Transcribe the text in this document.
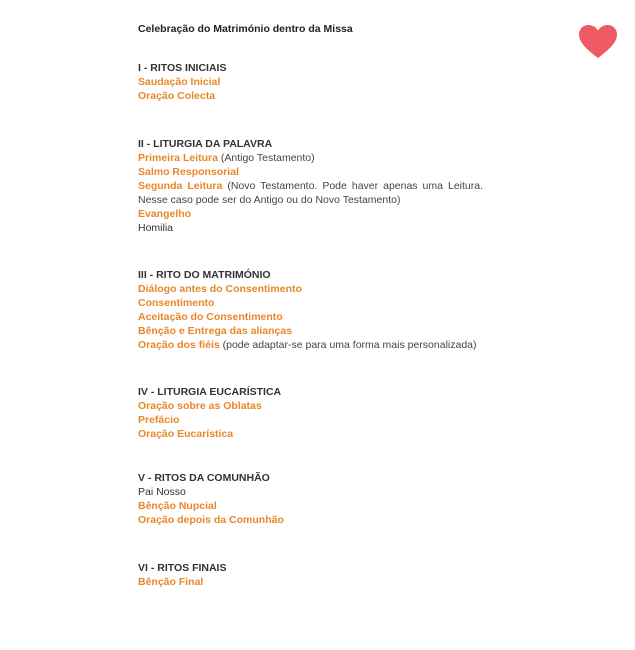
Celebração do Matrimónio dentro da Missa

I - RITOS INICIAIS

Saudação Inicial

Oração Colecta

II - LITURGIA DA PALAVRA

Primeira Leitura (Antigo Testamento)

Salmo Responsorial

Segunda Leitura (Novo Testamento. Pode haver apenas uma Leitura. Nesse caso pode ser do Antigo ou do Novo Testamento)

Evangelho

Homilia

III - RITO DO MATRIMÓNIO

Diálogo antes do Consentimento

Consentimento

Aceitação do Consentimento

Bênção e Entrega das alianças

Oração dos fiéis (pode adaptar-se para uma forma mais personalizada)

IV - LITURGIA EUCARÍSTICA

Oração sobre as Oblatas

Prefácio

Oração Eucarística

V - RITOS DA COMUNHÃO

Pai Nosso

Bênção Nupcial

Oração depois da Comunhão

VI - RITOS FINAIS

Bênção Final
